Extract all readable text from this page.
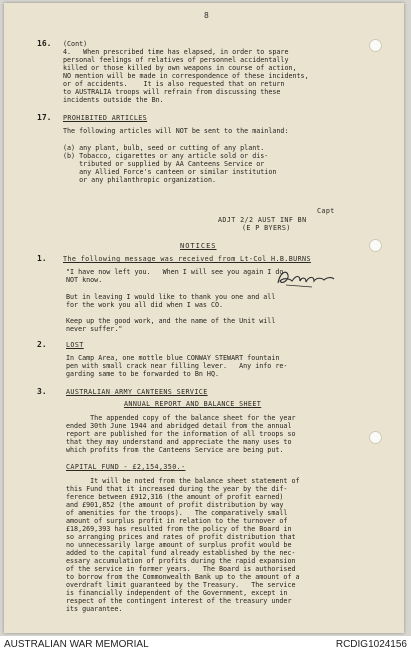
8
16. (Cont)

4.   When prescribed time has elapsed, in order to spare

personal feelings of relatives of personnel accidentally

killed or those killed by own weapons in course of action,

NO mention will be made in correspondence of these incidents,

or of accidents.    It is also requested that on return

to AUSTRALIA troops will refrain from discussing these

incidents outside the Bn.

17. PROHIBITED ARTICLES

The following articles will NOT be sent to the mainland:

(a) any plant, bulb, seed or cutting of any plant.

(b) Tobacco, cigarettes or any article sold or dis-

tributed or supplied by AA Canteens Service or

any Allied Force's canteen or similar institution

or any philanthropic organization.

Capt
ADJT 2/2 AUST INF BN
(E P BYERS)
NOTICES
1. The following message was received from Lt-Col H.B.BURNS

"I have now left you.   When I will see you again I do

NOT know.

But in leaving I would like to thank you one and all

for the work you all did when I was CO.

Keep up the good work, and the name of the Unit will

never suffer."

2.	LOST

In Camp Area, one mottle blue CONWAY STEWART fountain

pen with small crack near filling lever.   Any info re-

garding same to be forwarded to Bn HQ.

3.	AUSTRALIAN ARMY CANTEENS SERVICE
ANNUAL REPORT AND BALANCE SHEET

The appended copy of the balance sheet for the year

ended 30th June 1944 and abridged detail from the annual

report are published for the information of all troops so

that they may understand and appreciate the many uses to

which profits from the Canteens Service are being put.

CAPITAL FUND - £2,154,350.-

It will be noted from the balance sheet statement of

this Fund that it increased during the year by the dif-

ference between £912,316 (the amount of profit earned)

and £901,852 (the amount of profit distribution by way

of amenities for the troops).   The comparatively small

amount of surplus profit in relation to the turnover of

£18,269,393 has resulted from the policy of the Board in

so arranging prices and rates of profit distribution that

no unnecessarily large amount of surplus profit would be

added to the capital fund already established by the nec-

essary accumulation of profits during the rapid expansion

of the service in former years.   The Board is authorised

to borrow from the Commonwealth Bank up to the amount of a

overdraft limit guaranteed by the Treasury.   The service

is financially independent of the Government, except in

respect of the contingent interest of the treasury under

its guarantee.

AUSTRALIAN WAR MEMORIAL	RCDIG1024156
